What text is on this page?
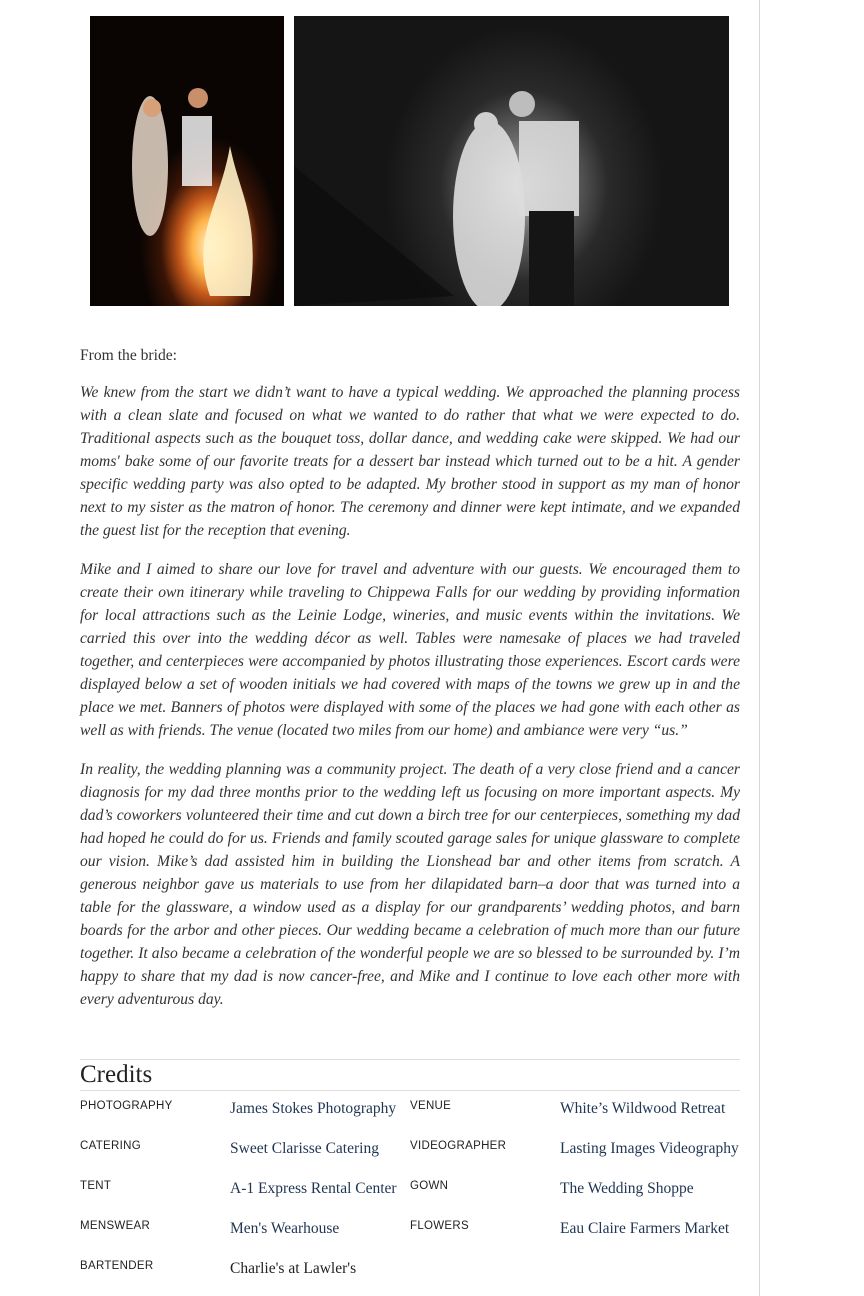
From the bride:

We knew from the start we didn’t want to have a typical wedding. We approached the planning process with a clean slate and focused on what we wanted to do rather that what we were expected to do. Traditional aspects such as the bouquet toss, dollar dance, and wedding cake were skipped. We had our moms' bake some of our favorite treats for a dessert bar instead which turned out to be a hit. A gender specific wedding party was also opted to be adapted. My brother stood in support as my man of honor next to my sister as the matron of honor. The ceremony and dinner were kept intimate, and we expanded the guest list for the reception that evening.

Mike and I aimed to share our love for travel and adventure with our guests. We encouraged them to create their own itinerary while traveling to Chippewa Falls for our wedding by providing information for local attractions such as the Leinie Lodge, wineries, and music events within the invitations. We carried this over into the wedding décor as well. Tables were namesake of places we had traveled together, and centerpieces were accompanied by photos illustrating those experiences. Escort cards were displayed below a set of wooden initials we had covered with maps of the towns we grew up in and the place we met. Banners of photos were displayed with some of the places we had gone with each other as well as with friends. The venue (located two miles from our home) and ambiance were very “us.”

In reality, the wedding planning was a community project. The death of a very close friend and a cancer diagnosis for my dad three months prior to the wedding left us focusing on more important aspects. My dad’s coworkers volunteered their time and cut down a birch tree for our centerpieces, something my dad had hoped he could do for us. Friends and family scouted garage sales for unique glassware to complete our vision. Mike’s dad assisted him in building the Lionshead bar and other items from scratch. A generous neighbor gave us materials to use from her dilapidated barn–a door that was turned into a table for the glassware, a window used as a display for our grandparents’ wedding photos, and barn boards for the arbor and other pieces. Our wedding became a celebration of much more than our future together. It also became a celebration of the wonderful people we are so blessed to be surrounded by. I’m happy to share that my dad is now cancer-free, and Mike and I continue to love each other more with every adventurous day.

Credits
PHOTOGRAPHY	James Stokes Photography VENUE	White’s Wildwood Retreat
CATERING	Sweet Clarisse Catering	VIDEOGRAPHER	Lasting Images Videography
TENT	A-1 Express Rental Center GOWN	The Wedding Shoppe
MENSWEAR	Men's Wearhouse	FLOWERS	Eau Claire Farmers Market
BARTENDER	Charlie's at Lawler's
